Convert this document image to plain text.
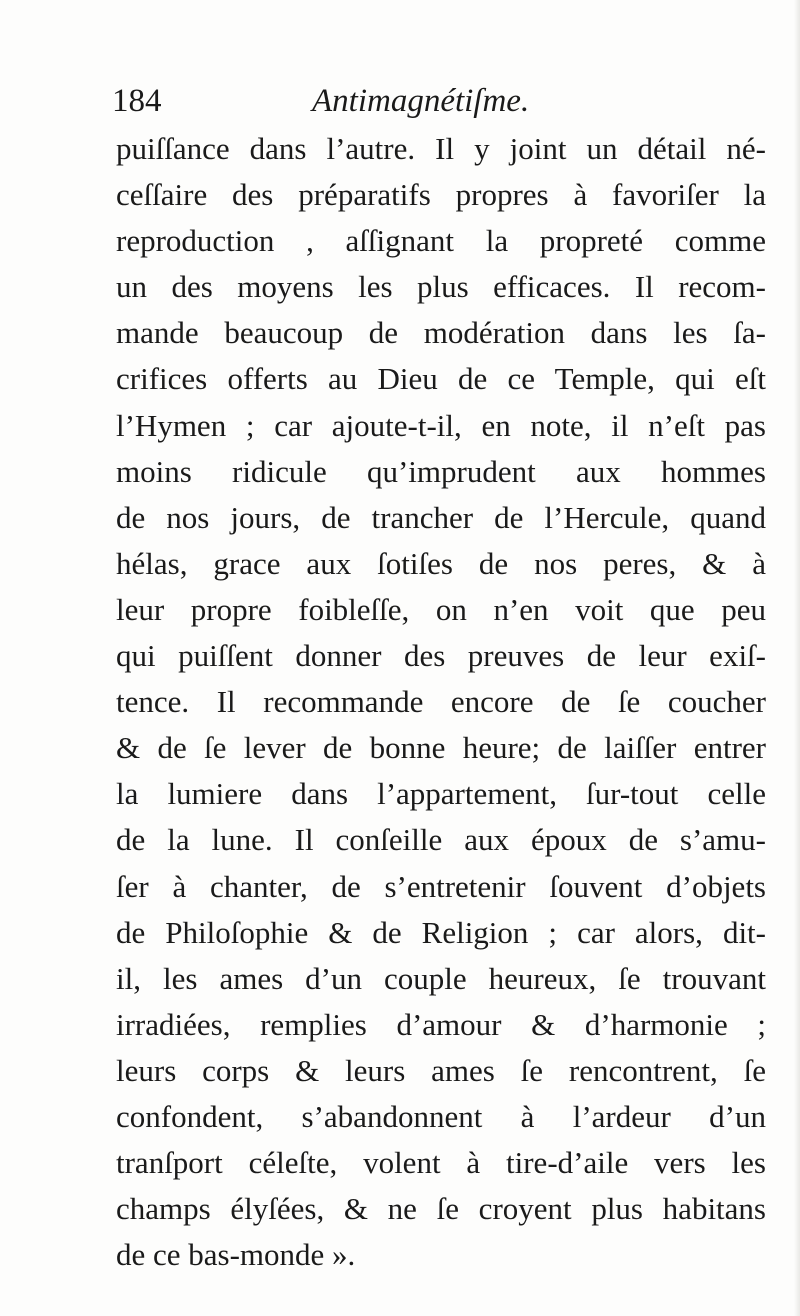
184	Antimagnétiſme.
puiſſance dans l’autre. Il y joint un détail né-
ceſſaire des préparatifs propres à favoriſer la
reproduction , aſſignant la propreté comme
un des moyens les plus efficaces. Il recom-
mande beaucoup de modération dans les ſa-
crifices offerts au Dieu de ce Temple, qui eſt
l’Hymen ; car ajoute-t-il, en note, il n’eſt pas
moins ridicule qu’imprudent aux hommes
de nos jours, de trancher de l’Hercule, quand
hélas, grace aux ſotiſes de nos peres, & à
leur propre foibleſſe, on n’en voit que peu
qui puiſſent donner des preuves de leur exiſ-
tence. Il recommande encore de ſe coucher
& de ſe lever de bonne heure; de laiſſer entrer
la lumiere dans l’appartement, ſur-tout celle
de la lune. Il conſeille aux époux de s’amu-
ſer à chanter, de s’entretenir ſouvent d’objets
de Philoſophie & de Religion ; car alors, dit-
il, les ames d’un couple heureux, ſe trouvant
irradiées, remplies d’amour & d’harmonie ;
leurs corps & leurs ames ſe rencontrent, ſe
confondent, s’abandonnent à l’ardeur d’un
tranſport céleſte, volent à tire-d’aile vers les
champs élyſées, & ne ſe croyent plus habitans
de ce bas-monde ».
